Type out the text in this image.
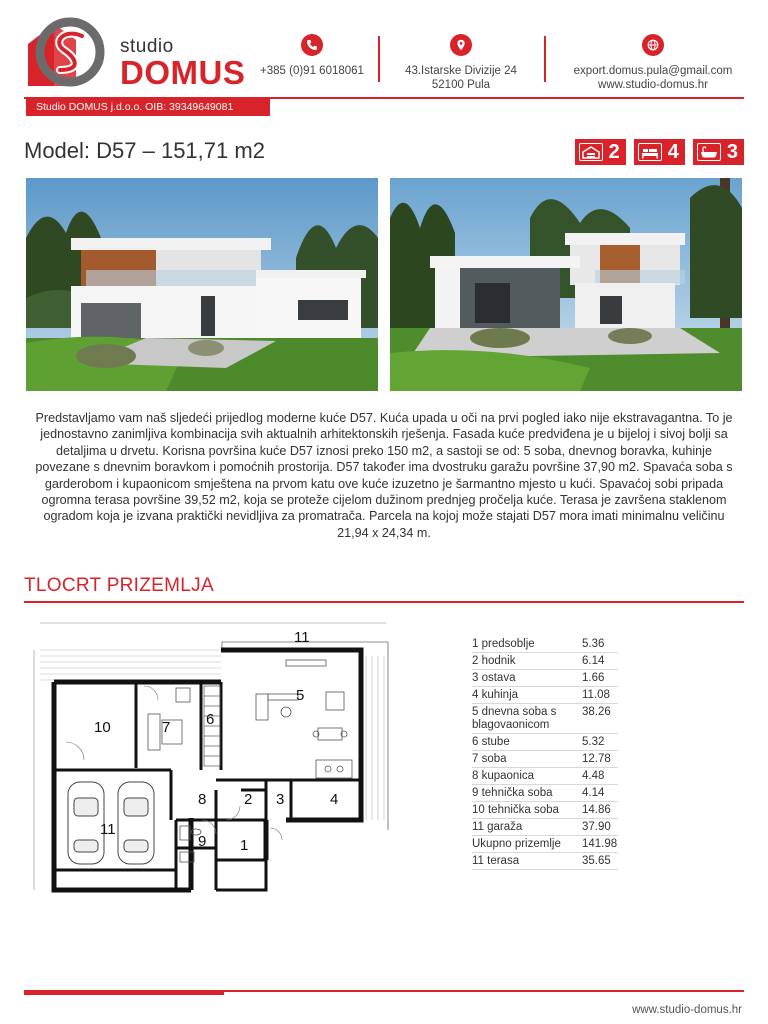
studio
DOMUS	+385 (0)91 6018061	43.Istarske Divizije 24
52100 Pula
export.domus.pula@gmail.com
www.studio-domus.hr
Studio DOMUS j.d.o.o. OIB: 39349649081
Model: D57 – 151,71 m2	2 4 3

Predstavljamo vam naš sljedeći prijedlog moderne kuće D57. Kuća upada u oči na prvi pogled iako nije ekstravagantna. To je jednostavno zanimljiva kombinacija svih aktualnih arhitektonskih rješenja. Fasada kuće predviđena je u bijeloj i sivoj bolji sa detaljima u drvetu. Korisna površina kuće D57 iznosi preko 150 m2, a sastoji se od: 5 soba, dnevnog boravka, kuhinje povezane s dnevnim boravkom i pomoćnih prostorija. D57 također ima dvostruku garažu površine 37,90 m2. Spavaća soba s garderobom i kupaonicom smještena na prvom katu ove kuće izuzetno je šarmantno mjesto u kući. Spavaćoj sobi pripada ogromna terasa površine 39,52 m2, koja se proteže cijelom dužinom prednjeg pročelja kuće. Terasa je završena staklenom ogradom koja je izvana praktički nevidljiva za promatrača. Parcela na kojoj može stajati D57 mora imati minimalnu veličinu 21,94 x 24,34 m.

TLOCRT PRIZEMLJA
10	7 6
5
11
11
8	2 3	4
9 1
1 predsoblje	5.36
2 hodnik	6.14
3 ostava	1.66
4 kuhinja	11.08
5 dnevna soba s blagovaonicom
38.26
6 stube	5.32
7 soba	12.78
8 kupaonica	4.48
9 tehnička soba	4.14
10 tehnička soba	14.86
11 garaža	37.90
Ukupno prizemlje	141.98
11 terasa	35.65
www.studio-domus.hr
